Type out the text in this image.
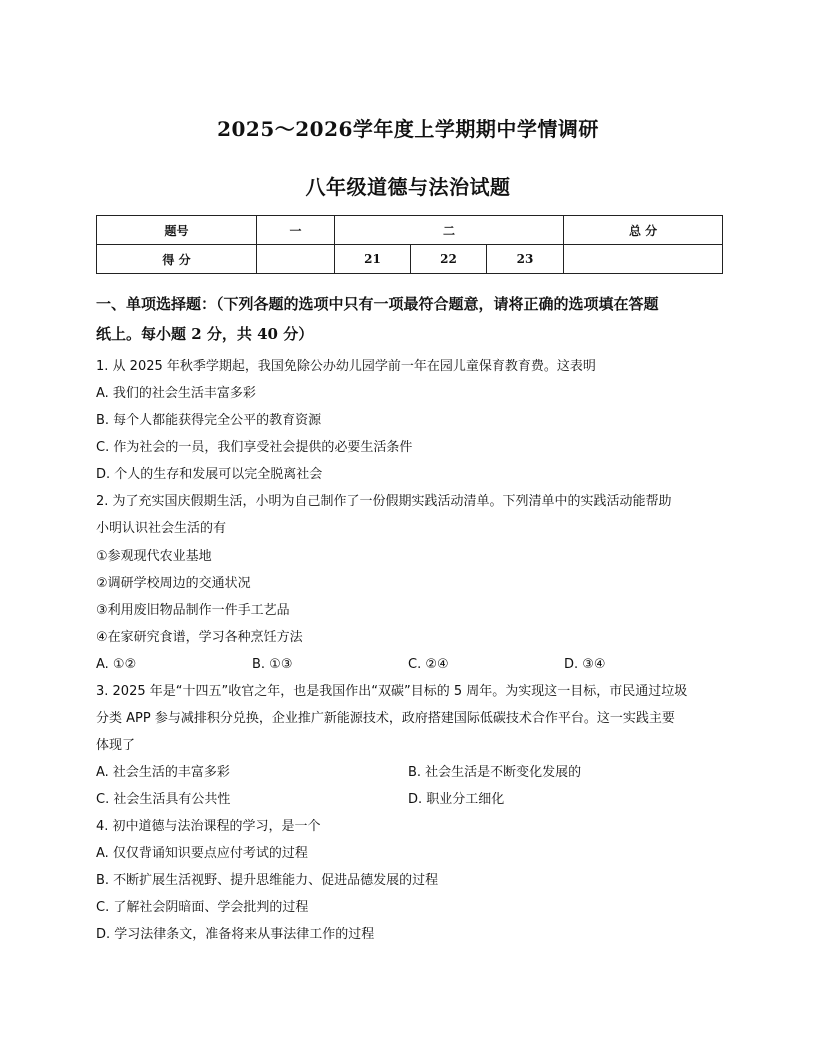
2025～2026学年度上学期期中学情调研
八年级道德与法治试题
题号	一	二			总 分
得 分		21	22	23	
一、单项选择题：（下列各题的选项中只有一项最符合题意，请将正确的选项填在答题
纸上。每小题 2 分，共 40 分）
1. 从 2025 年秋季学期起，我国免除公办幼儿园学前一年在园儿童保育教育费。这表明
A. 我们的社会生活丰富多彩
B. 每个人都能获得完全公平的教育资源
C. 作为社会的一员，我们享受社会提供的必要生活条件
D. 个人的生存和发展可以完全脱离社会
2. 为了充实国庆假期生活，小明为自己制作了一份假期实践活动清单。下列清单中的实践活动能帮助
小明认识社会生活的有
①参观现代农业基地
②调研学校周边的交通状况
③利用废旧物品制作一件手工艺品
④在家研究食谱，学习各种烹饪方法
A. ①②	B. ①③	C. ②④	D. ③④
3. 2025 年是“十四五”收官之年，也是我国作出“双碳”目标的 5 周年。为实现这一目标，市民通过垃圾
分类 APP 参与减排积分兑换，企业推广新能源技术，政府搭建国际低碳技术合作平台。这一实践主要
体现了
A. 社会生活的丰富多彩	B. 社会生活是不断变化发展的
C. 社会生活具有公共性	D. 职业分工细化
4. 初中道德与法治课程的学习，是一个
A. 仅仅背诵知识要点应付考试的过程
B. 不断扩展生活视野、提升思维能力、促进品德发展的过程
C. 了解社会阴暗面、学会批判的过程
D. 学习法律条文，准备将来从事法律工作的过程
